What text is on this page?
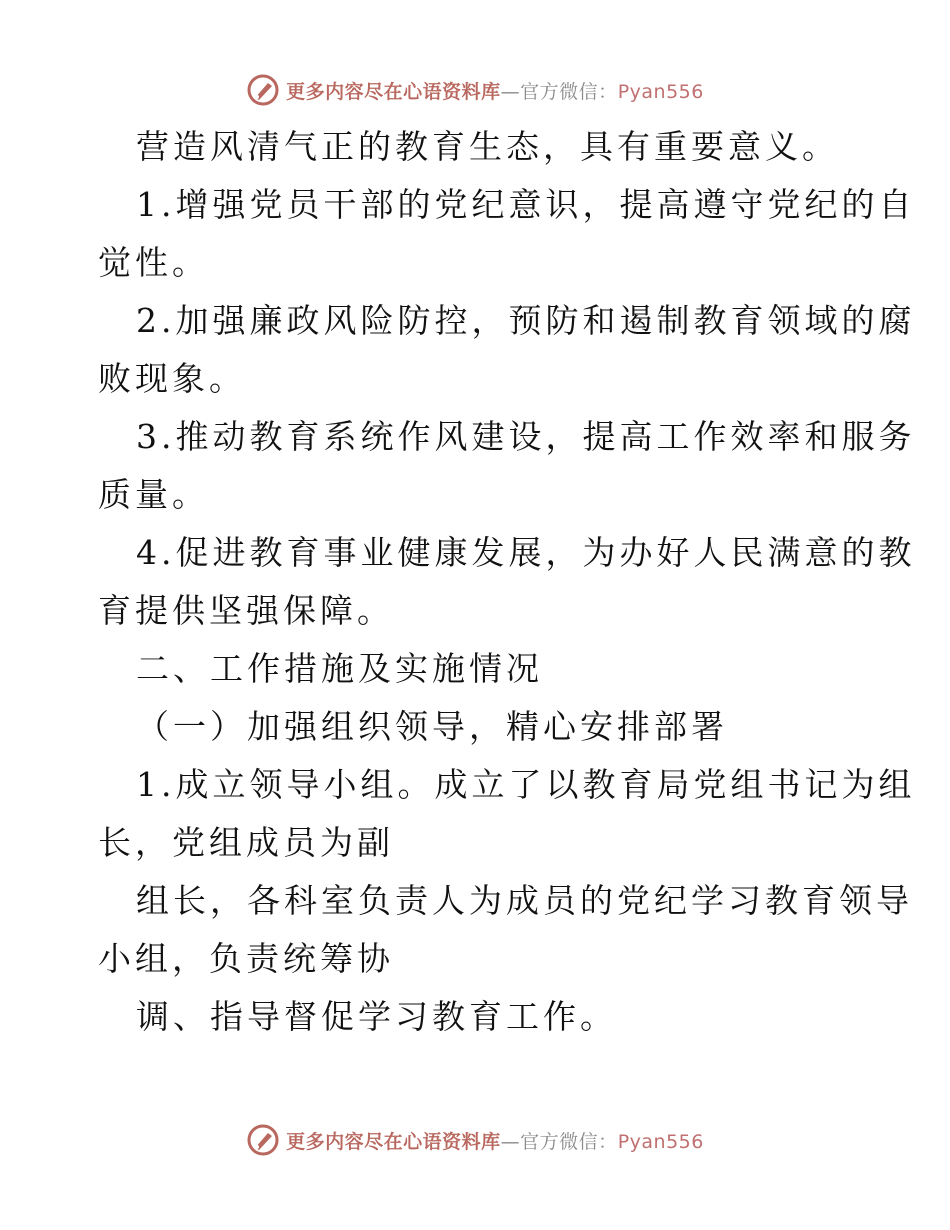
更多内容尽在心语资料库—官方微信：Pyan556
营造风清气正的教育生态，具有重要意义。
1.增强党员干部的党纪意识，提高遵守党纪的自
觉性。
2.加强廉政风险防控，预防和遏制教育领域的腐
败现象。
3.推动教育系统作风建设，提高工作效率和服务
质量。
4.促进教育事业健康发展，为办好人民满意的教
育提供坚强保障。
二、工作措施及实施情况
（一）加强组织领导，精心安排部署
1.成立领导小组。成立了以教育局党组书记为组
长，党组成员为副
组长，各科室负责人为成员的党纪学习教育领导
小组，负责统筹协
调、指导督促学习教育工作。
更多内容尽在心语资料库—官方微信：Pyan556
